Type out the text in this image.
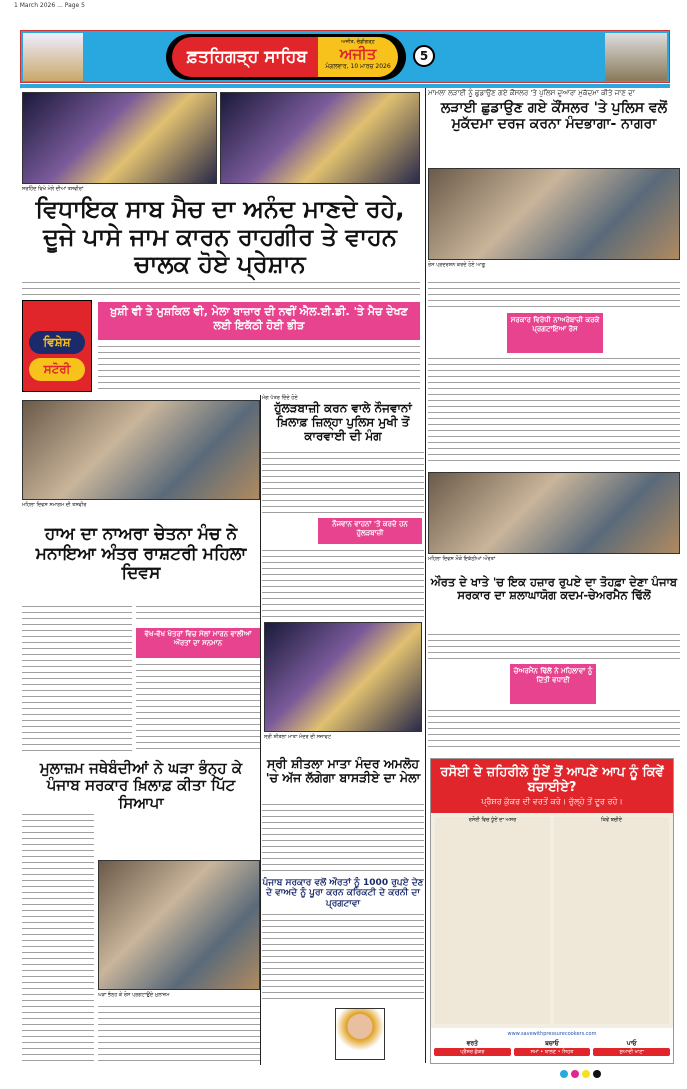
1 March 2026 ... Page 5
ਫ਼ਤਹਿਗੜ੍ਹ ਸਾਹਿਬ
ਅਜੀਤ, ਚੰਡੀਗੜ੍ਹ
ਅਜੀਤ
ਮੰਗਲਵਾਰ, 10 ਮਾਰਚ 2026
5
ਸਰਹਿੰਦ ਵਿਖੇ ਮੇਲੇ ਦੀਆਂ ਤਸਵੀਰਾਂ
ਵਿਧਾਇਕ ਸਾਬ ਮੈਚ ਦਾ ਅਨੰਦ ਮਾਣਦੇ ਰਹੇ, ਦੂਜੇ ਪਾਸੇ ਜਾਮ ਕਾਰਨ ਰਾਹਗੀਰ ਤੇ ਵਾਹਨ ਚਾਲਕ ਹੋਏ ਪ੍ਰੇਸ਼ਾਨ
ਵਿਸ਼ੇਸ਼
ਸਟੋਰੀ
ਖ਼ੁਸ਼ੀ ਵੀ ਤੇ ਮੁਸ਼ਕਿਲ ਵੀ, ਮੇਲਾ ਬਾਜ਼ਾਰ ਦੀ ਨਵੀਂ ਐਲ.ਈ.ਡੀ. 'ਤੇ ਮੈਚ ਦੇਖਣ ਲਈ ਇਕੱਠੀ ਹੋਈ ਭੀੜ
ਮਹਿਲਾ ਦਿਵਸ ਸਮਾਗਮ ਦੀ ਤਸਵੀਰ
ਹਾਅ ਦਾ ਨਾਅਰਾ ਚੇਤਨਾ ਮੰਚ ਨੇ ਮਨਾਇਆ ਅੰਤਰ ਰਾਸ਼ਟਰੀ ਮਹਿਲਾ ਦਿਵਸ
ਵੱਖ-ਵੱਖ ਖੇਤਰਾਂ ਵਿਚ ਮੱਲਾਂ ਮਾਰਨ ਵਾਲੀਆਂ ਔਰਤਾਂ ਦਾ ਸਨਮਾਨ
ਮੁਲਾਜ਼ਮ ਜਥੇਬੰਦੀਆਂ ਨੇ ਘੜਾ ਭੰਨ੍ਹ ਕੇ ਪੰਜਾਬ ਸਰਕਾਰ ਖ਼ਿਲਾਫ਼ ਕੀਤਾ ਪਿੱਟ ਸਿਆਪਾ
ਘੜਾ ਭੰਨ੍ਹ ਕੇ ਰੋਸ ਪ੍ਰਗਟਾਉਂਦੇ ਮੁਲਾਜ਼ਮ
ਹੁੱਲੜਬਾਜ਼ੀ ਕਰਨ ਵਾਲੇ ਨੌਜਵਾਨਾਂ ਖ਼ਿਲਾਫ਼ ਜ਼ਿਲ੍ਹਾ ਪੁਲਿਸ ਮੁਖੀ ਤੋਂ ਕਾਰਵਾਈ ਦੀ ਮੰਗ
ਮੰਗ ਪੱਤਰ ਦਿੰਦੇ ਹੋਏ
ਨੌਜਵਾਨ ਵਾਹਨਾਂ 'ਤੇ ਕਰਦੇ ਹਨ ਹੁੱਲੜਬਾਜ਼ੀ
ਸ੍ਰੀ ਸ਼ੀਤਲਾ ਮਾਤਾ ਮੰਦਰ ਦੀ ਸਜਾਵਟ
ਸ੍ਰੀ ਸ਼ੀਤਲਾ ਮਾਤਾ ਮੰਦਰ ਅਮਲੋਹ 'ਚ ਅੱਜ ਲੱਗੇਗਾ ਬਾਸੜੀਏ ਦਾ ਮੇਲਾ
ਪੰਜਾਬ ਸਰਕਾਰ ਵਲੋਂ ਔਰਤਾਂ ਨੂੰ 1000 ਰੁਪਏ ਦੇਣ ਦੇ ਵਾਅਦੇ ਨੂੰ ਪੂਰਾ ਕਰਨ ਕਰਿਕਟੀ ਦੇ ਕਰਨੀ ਦਾ ਪ੍ਰਗਟਾਵਾ
ਮਾਮਲਾ ਲੜਾਈ ਨੂੰ ਛੁਡਾਉਣ ਗਏ ਕੌਂਸਲਰ 'ਤੇ ਪੁਲਿਸ ਦੁਆਰਾ ਮੁਕੱਦਮਾ ਕੀਤੇ ਜਾਣ ਦਾ
ਲੜਾਈ ਛੁਡਾਉਣ ਗਏ ਕੌਂਸਲਰ 'ਤੇ ਪੁਲਿਸ ਵਲੋਂ ਮੁਕੱਦਮਾ ਦਰਜ ਕਰਨਾ ਮੰਦਭਾਗਾ- ਨਾਗਰਾ
ਰੋਸ ਪ੍ਰਦਰਸ਼ਨ ਕਰਦੇ ਹੋਏ ਆਗੂ
ਸਰਕਾਰ ਵਿਰੋਧੀ ਨਾਅਰੇਬਾਜ਼ੀ ਕਰਕੇ ਪ੍ਰਗਟਾਇਆ ਰੋਸ
ਮਹਿਲਾ ਦਿਵਸ ਮੌਕੇ ਇਕੱਠੀਆਂ ਔਰਤਾਂ
ਔਰਤ ਦੇ ਖਾਤੇ 'ਚ ਇਕ ਹਜ਼ਾਰ ਰੁਪਏ ਦਾ ਤੋਹਫ਼ਾ ਦੇਣਾ ਪੰਜਾਬ ਸਰਕਾਰ ਦਾ ਸ਼ਲਾਘਾਯੋਗ ਕਦਮ-ਚੇਅਰਮੈਨ ਢਿੱਲੋਂ
ਚੇਅਰਮੈਨ ਢਿੱਲੋਂ ਨੇ ਮਹਿਲਾਵਾਂ ਨੂੰ ਦਿੱਤੀ ਵਧਾਈ
ਰਸੋਈ ਦੇ ਜ਼ਹਿਰੀਲੇ ਧੂੰਏਂ ਤੋਂ ਆਪਣੇ ਆਪ ਨੂੰ ਕਿਵੇਂ ਬਚਾਈਏ?
ਪ੍ਰੈਸ਼ਰ ਕੁੱਕਰ ਦੀ ਵਰਤੋਂ ਕਰੋ। ਚੁੱਲ੍ਹੇ ਤੋਂ ਦੂਰ ਰਹੋ।
ਰਸੋਈ ਵਿਚ ਧੂੰਏਂ ਦਾ ਅਸਰ	ਕਿਵੇਂ ਬਚੀਏ
www.savewithpressurecookers.com
ਵਰਤੋ
ਪ੍ਰੈਸ਼ਰ ਕੁੱਕਰ
ਬਚਾਓ
ਸਮਾਂ • ਬਾਲਣ • ਸਿਹਤ
ਪਾਓ
ਸੁਆਦੀ ਖਾਣਾ
